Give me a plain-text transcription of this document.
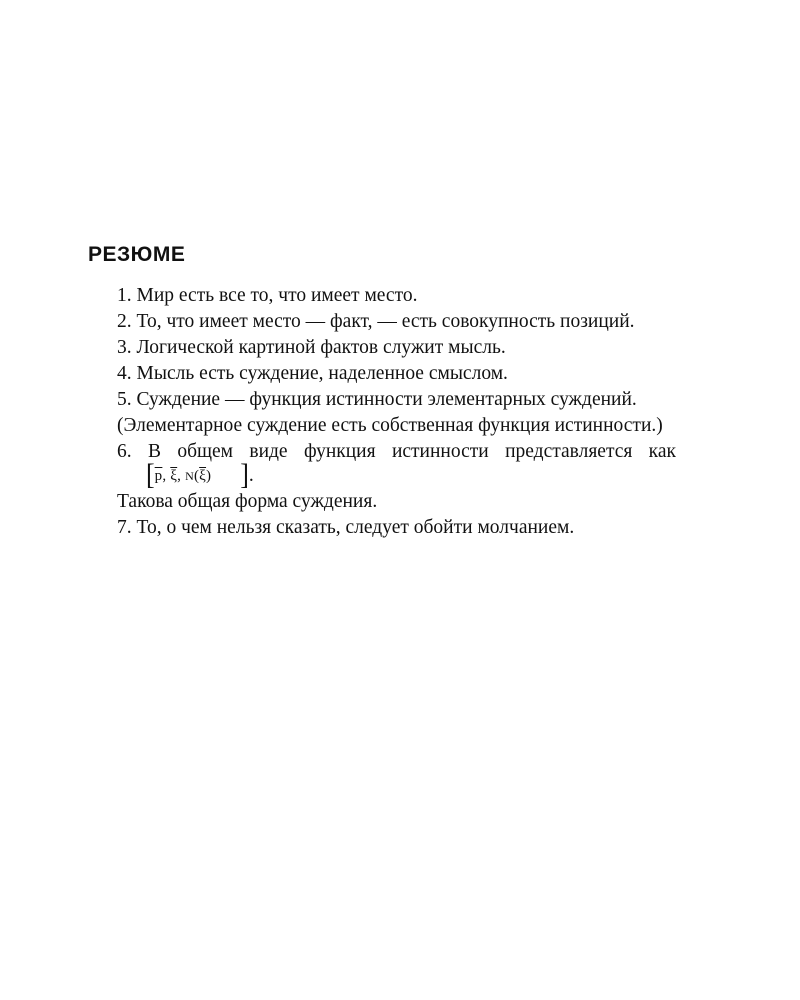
РЕЗЮМЕ

1. Мир есть все то, что имеет место.

2. То, что имеет место — факт, — есть совокупность позиций.

3. Логической картиной фактов служит мысль.

4. Мысль есть суждение, наделенное смыслом.

5. Суждение — функция истинности элементарных суждений.

(Элементарное суждение есть собственная функция истинности.)

6. В общем виде функция истинности представляется как [$\overline{p}$, $\overline{\xi}$, $N(\overline{\xi})$ ].

Такова общая форма суждения.

7. То, о чем нельзя сказать, следует обойти молчанием.
